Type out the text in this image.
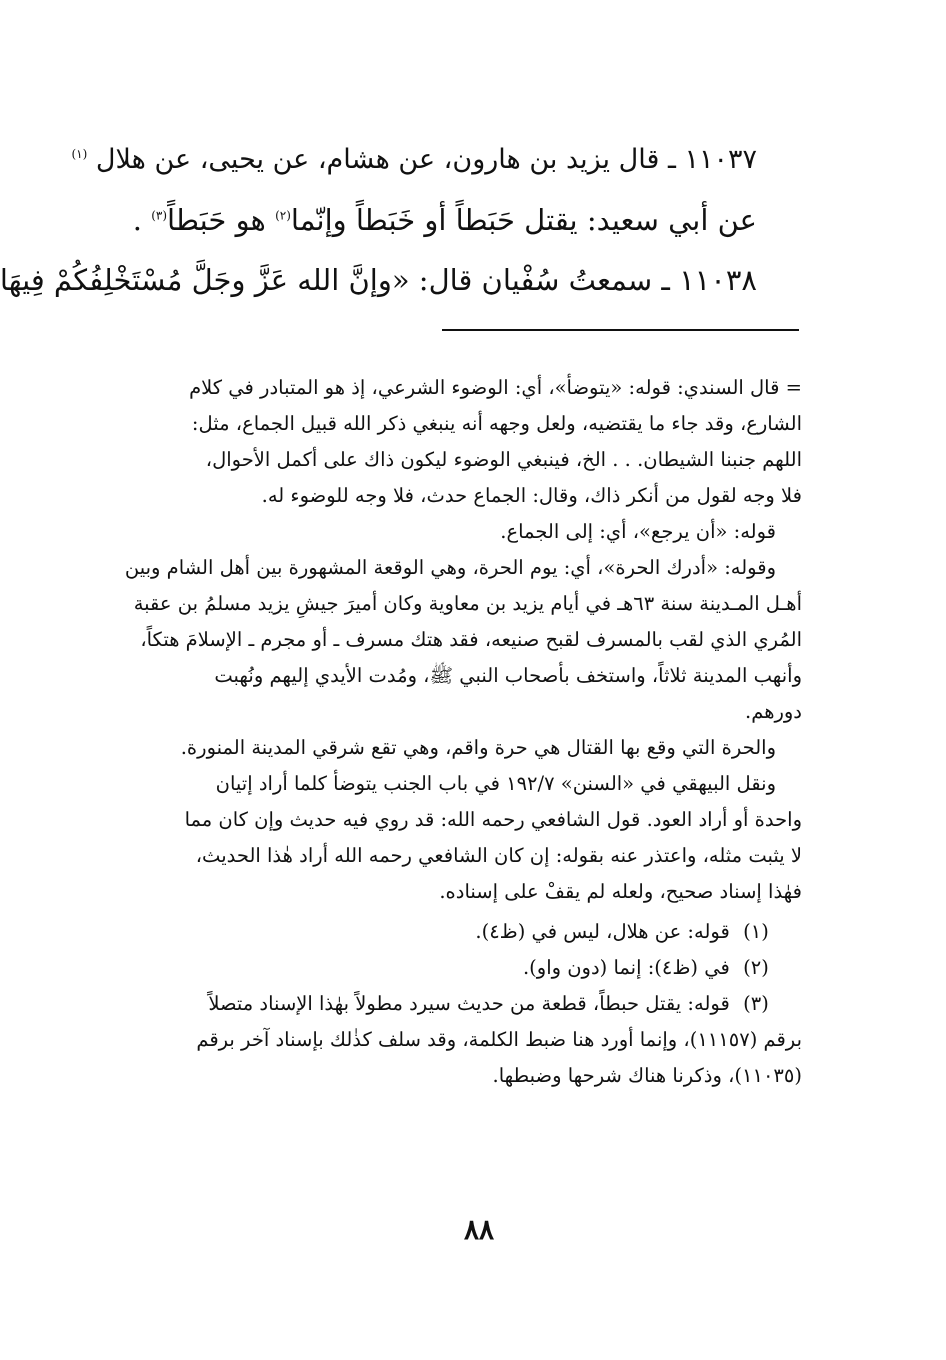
١١٠٣٧ ـ قال يزيد بن هارون، عن هشام، عن يحيى، عن هلال $^{(١)}$
عن أبي سعيد: يقتل حَبَطاً أو خَبَطاً وإنّما$^{(٢)}$ هو حَبَطاً$^{(٣)}$ .
١١٠٣٨ ـ سمعتُ سُفْيان قال: «وإنَّ الله عَزَّ وجَلَّ مُسْتَخْلِفُكُمْ فِيهَا
= قال السندي: قوله: «يتوضأ»، أي: الوضوء الشرعي، إذ هو المتبادر في كلام
الشارع، وقد جاء ما يقتضيه، ولعل وجهه أنه ينبغي ذكر الله قبيل الجماع، مثل:
اللهم جنبنا الشيطان. . . الخ، فينبغي الوضوء ليكون ذاك على أكمل الأحوال،
فلا وجه لقول من أنكر ذاك، وقال: الجماع حدث، فلا وجه للوضوء له.
قوله: «أن يرجع»، أي: إلى الجماع.
وقوله: «أدرك الحرة»، أي: يوم الحرة، وهي الوقعة المشهورة بين أهل الشام وبين
أهـل المـدينة سنة ٦٣هـ في أيام يزيد بن معاوية وكان أميرَ جيشِ يزيد مسلمُ بن عقبة
المُري الذي لقب بالمسرف لقبح صنيعه، فقد هتك مسرف ـ أو مجرم ـ الإسلامَ هتكاً،
وأنهب المدينة ثلاثاً، واستخف بأصحاب النبي ﷺ، ومُدت الأيدي إليهم ونُهبت
دورهم.
والحرة التي وقع بها القتال هي حرة واقم، وهي تقع شرقي المدينة المنورة.
ونقل البيهقي في «السنن» ١٩٢/٧ في باب الجنب يتوضأ كلما أراد إتيان
واحدة أو أراد العود. قول الشافعي رحمه الله: قد روي فيه حديث وإن كان مما
لا يثبت مثله، واعتذر عنه بقوله: إن كان الشافعي رحمه الله أراد هٰذا الحديث،
فهٰذا إسناد صحيح، ولعله لم يقفْ على إسناده.
(١) قوله: عن هلال، ليس في (ظ٤).
(٢) في (ظ٤): إنما (دون واو).
(٣) قوله: يقتل حبطاً، قطعة من حديث سيرد مطولاً بهٰذا الإسناد متصلاً
برقم (١١١٥٧)، وإنما أورد هنا ضبط الكلمة، وقد سلف كذٰلك بإسناد آخر برقم
(١١٠٣٥)، وذكرنا هناك شرحها وضبطها.
٨٨
